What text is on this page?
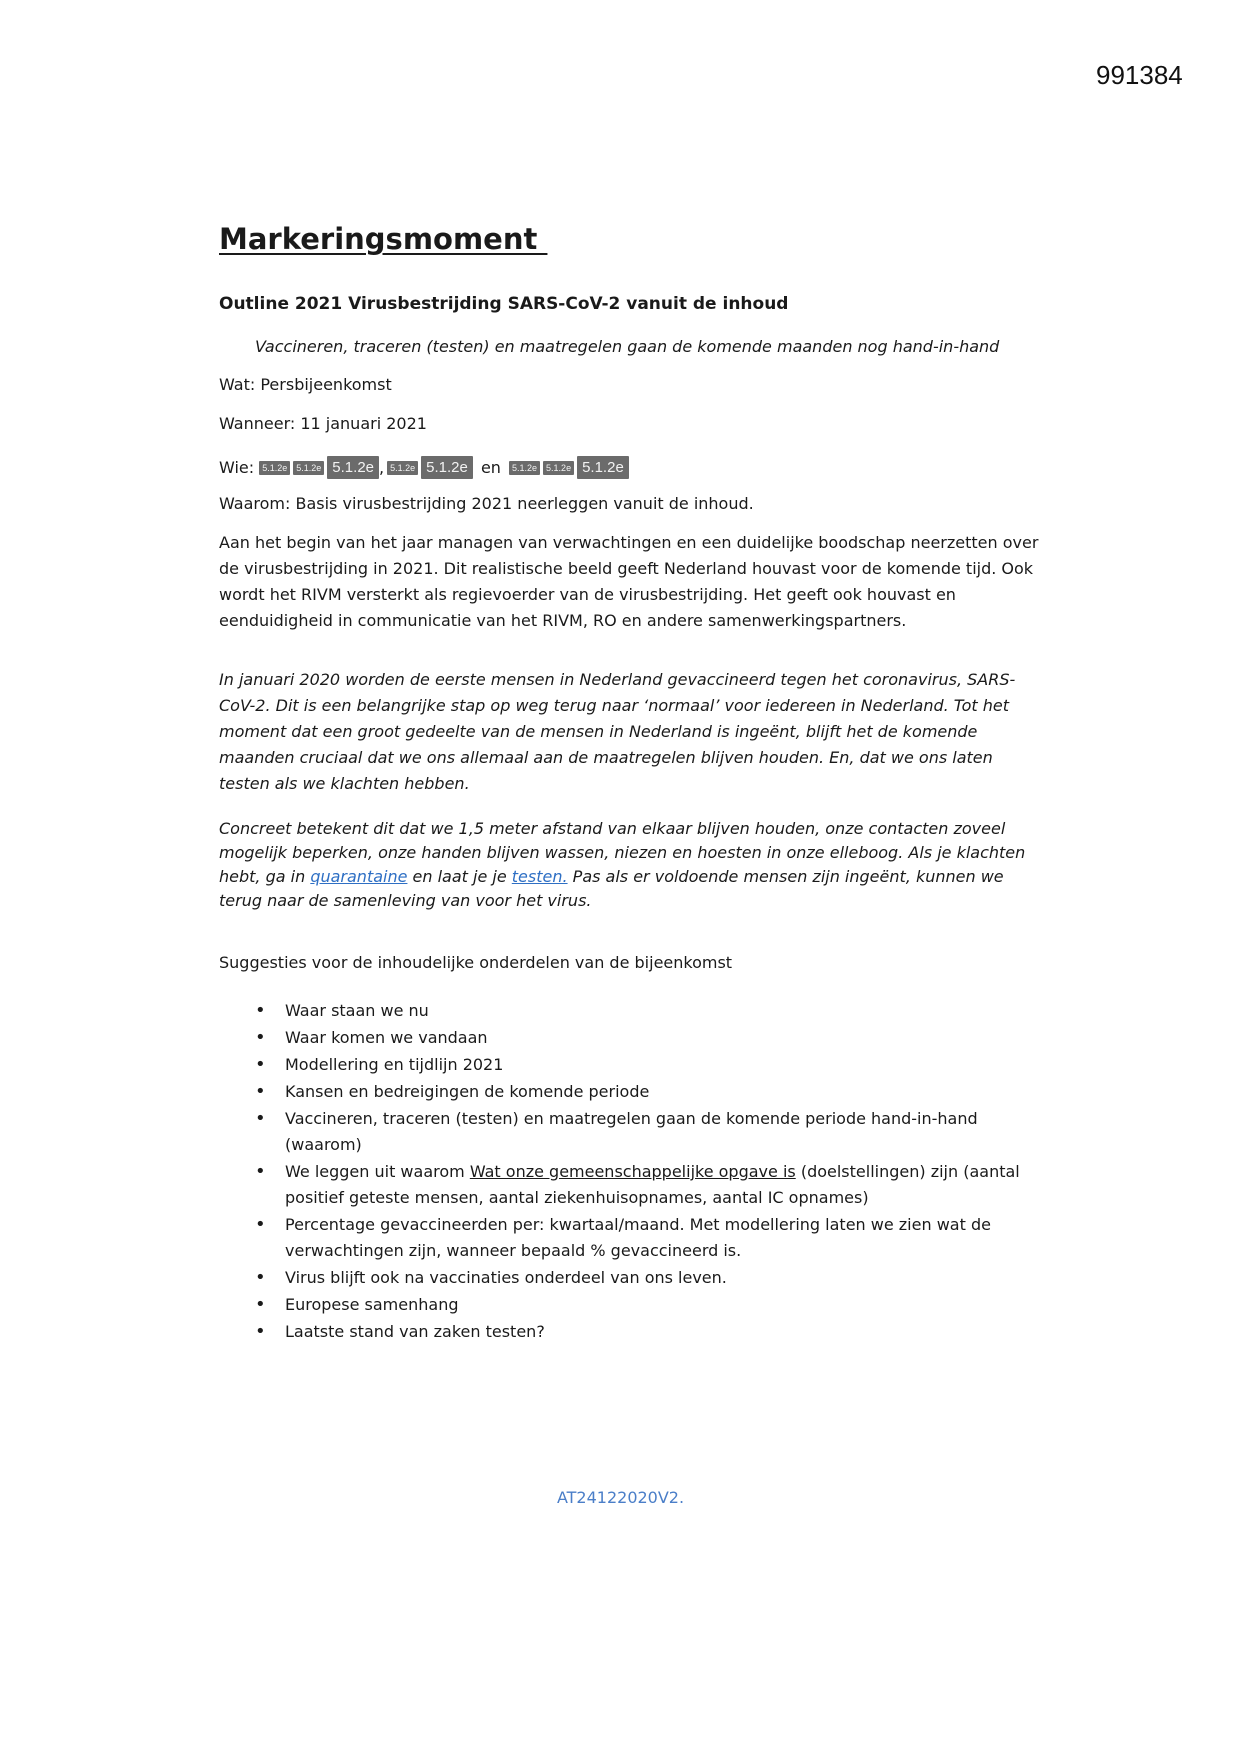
991384
Markeringsmoment
Outline 2021 Virusbestrijding SARS-CoV-2 vanuit de inhoud
Vaccineren, traceren (testen) en maatregelen gaan de komende maanden nog hand-in-hand
Wat: Persbijeenkomst
Wanneer: 11 januari 2021
Wie: 5.1.2e	5.1.2e 5.1.2e , 5.1.2e 5.1.2e en 5.1.2e	5.1.2e 5.1.2e
Waarom: Basis virusbestrijding 2021 neerleggen vanuit de inhoud.
Aan het begin van het jaar managen van verwachtingen en een duidelijke boodschap neerzetten over de virusbestrijding in 2021. Dit realistische beeld geeft Nederland houvast voor de komende tijd. Ook wordt het RIVM versterkt als regievoerder van de virusbestrijding. Het geeft ook houvast en eenduidigheid in communicatie van het RIVM, RO en andere samenwerkingspartners.
In januari 2020 worden de eerste mensen in Nederland gevaccineerd tegen het coronavirus, SARS-CoV-2. Dit is een belangrijke stap op weg terug naar ‘normaal’ voor iedereen in Nederland. Tot het moment dat een groot gedeelte van de mensen in Nederland is ingeënt, blijft het de komende maanden cruciaal dat we ons allemaal aan de maatregelen blijven houden. En, dat we ons laten testen als we klachten hebben.
Concreet betekent dit dat we 1,5 meter afstand van elkaar blijven houden, onze contacten zoveel mogelijk beperken, onze handen blijven wassen, niezen en hoesten in onze elleboog. Als je klachten hebt, ga in quarantaine en laat je je testen. Pas als er voldoende mensen zijn ingeënt, kunnen we terug naar de samenleving van voor het virus.
Suggesties voor de inhoudelijke onderdelen van de bijeenkomst
• Waar staan we nu
• Waar komen we vandaan
• Modellering en tijdlijn 2021
• Kansen en bedreigingen de komende periode
• Vaccineren, traceren (testen) en maatregelen gaan de komende periode hand-in-hand (waarom)
• We leggen uit waarom Wat onze gemeenschappelijke opgave is (doelstellingen) zijn (aantal positief geteste mensen, aantal ziekenhuisopnames, aantal IC opnames)
• Percentage gevaccineerden per: kwartaal/maand. Met modellering laten we zien wat de verwachtingen zijn, wanneer bepaald % gevaccineerd is.
• Virus blijft ook na vaccinaties onderdeel van ons leven.
• Europese samenhang
• Laatste stand van zaken testen?
AT24122020V2.
